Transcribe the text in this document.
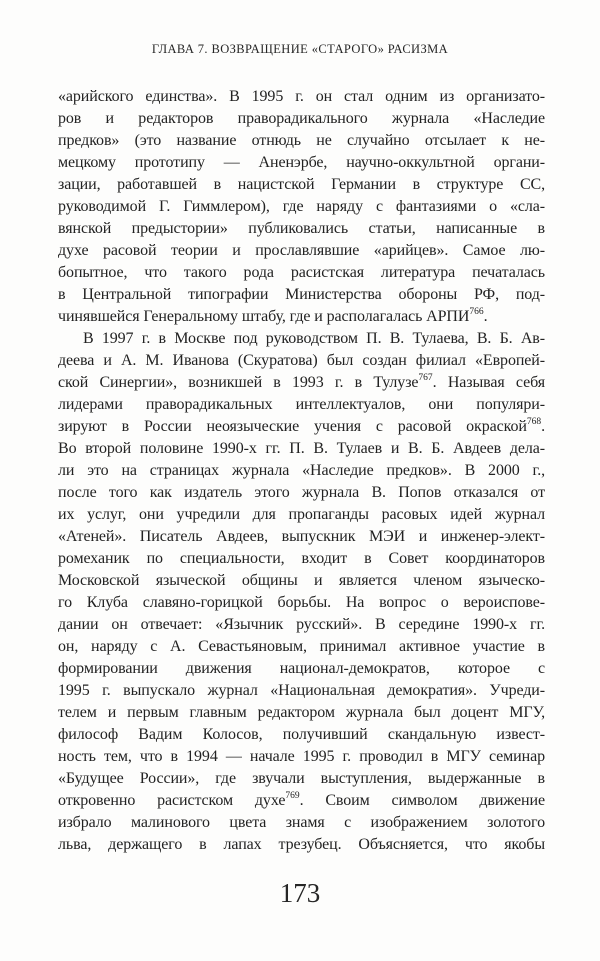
ГЛАВА 7. ВОЗВРАЩЕНИЕ «СТАРОГО» РАСИЗМА
«арийского единства». В 1995 г. он стал одним из организато-
ров и редакторов праворадикального журнала «Наследие
предков» (это название отнюдь не случайно отсылает к не-
мецкому прототипу — Аненэрбе, научно-оккультной органи-
зации, работавшей в нацистской Германии в структуре СС,
руководимой Г. Гиммлером), где наряду с фантазиями о «сла-
вянской предыстории» публиковались статьи, написанные в
духе расовой теории и прославлявшие «арийцев». Самое лю-
бопытное, что такого рода расистская литература печаталась
в Центральной типографии Министерства обороны РФ, под-
чинявшейся Генеральному штабу, где и располагалась АРПИ$^{766}$.
В 1997 г. в Москве под руководством П. В. Тулаева, В. Б. Ав-
деева и А. М. Иванова (Скуратова) был создан филиал «Европей-
ской Синергии», возникшей в 1993 г. в Тулузе$^{767}$. Называя себя
лидерами праворадикальных интеллектуалов, они популяри-
зируют в России неоязыческие учения с расовой окраской$^{768}$.
Во второй половине 1990-х гг. П. В. Тулаев и В. Б. Авдеев дела-
ли это на страницах журнала «Наследие предков». В 2000 г.,
после того как издатель этого журнала В. Попов отказался от
их услуг, они учредили для пропаганды расовых идей журнал
«Атеней». Писатель Авдеев, выпускник МЭИ и инженер-элект-
ромеханик по специальности, входит в Совет координаторов
Московской языческой общины и является членом языческо-
го Клуба славяно-горицкой борьбы. На вопрос о вероиспове-
дании он отвечает: «Язычник русский». В середине 1990-х гг.
он, наряду с А. Севастьяновым, принимал активное участие в
формировании движения национал-демократов, которое с
1995 г. выпускало журнал «Национальная демократия». Учреди-
телем и первым главным редактором журнала был доцент МГУ,
философ Вадим Колосов, получивший скандальную извест-
ность тем, что в 1994 — начале 1995 г. проводил в МГУ семинар
«Будущее России», где звучали выступления, выдержанные в
откровенно расистском духе$^{769}$. Своим символом движение
избрало малинового цвета знамя с изображением золотого
льва, держащего в лапах трезубец. Объясняется, что якобы
173
